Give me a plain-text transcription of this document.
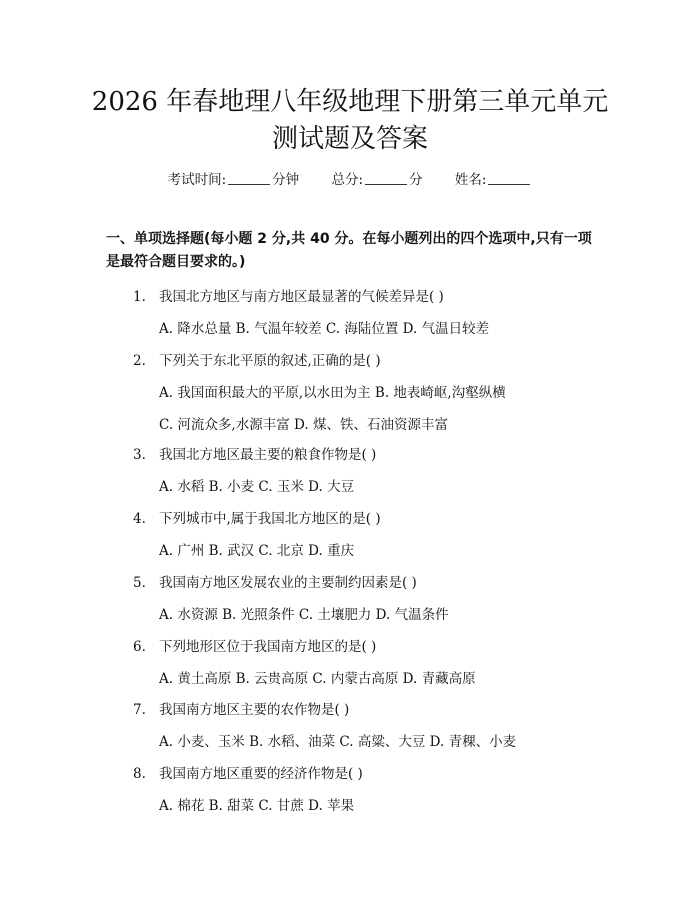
2026 年春地理八年级地理下册第三单元单元
测试题及答案
考试时间:	分钟 总分:	分 姓名:
一、单项选择题(每小题 2 分,共 40 分。在每小题列出的四个选项中,只有一项
是最符合题目要求的。)
1. 我国北方地区与南方地区最显著的气候差异是( )
A. 降水总量 B. 气温年较差 C. 海陆位置 D. 气温日较差
2. 下列关于东北平原的叙述,正确的是( )
A. 我国面积最大的平原,以水田为主 B. 地表崎岖,沟壑纵横
C. 河流众多,水源丰富 D. 煤、铁、石油资源丰富
3. 我国北方地区最主要的粮食作物是( )
A. 水稻 B. 小麦 C. 玉米 D. 大豆
4. 下列城市中,属于我国北方地区的是( )
A. 广州 B. 武汉 C. 北京 D. 重庆
5. 我国南方地区发展农业的主要制约因素是( )
A. 水资源 B. 光照条件 C. 土壤肥力 D. 气温条件
6. 下列地形区位于我国南方地区的是( )
A. 黄土高原 B. 云贵高原 C. 内蒙古高原 D. 青藏高原
7. 我国南方地区主要的农作物是( )
A. 小麦、玉米 B. 水稻、油菜 C. 高粱、大豆 D. 青稞、小麦
8. 我国南方地区重要的经济作物是( )
A. 棉花 B. 甜菜 C. 甘蔗 D. 苹果
